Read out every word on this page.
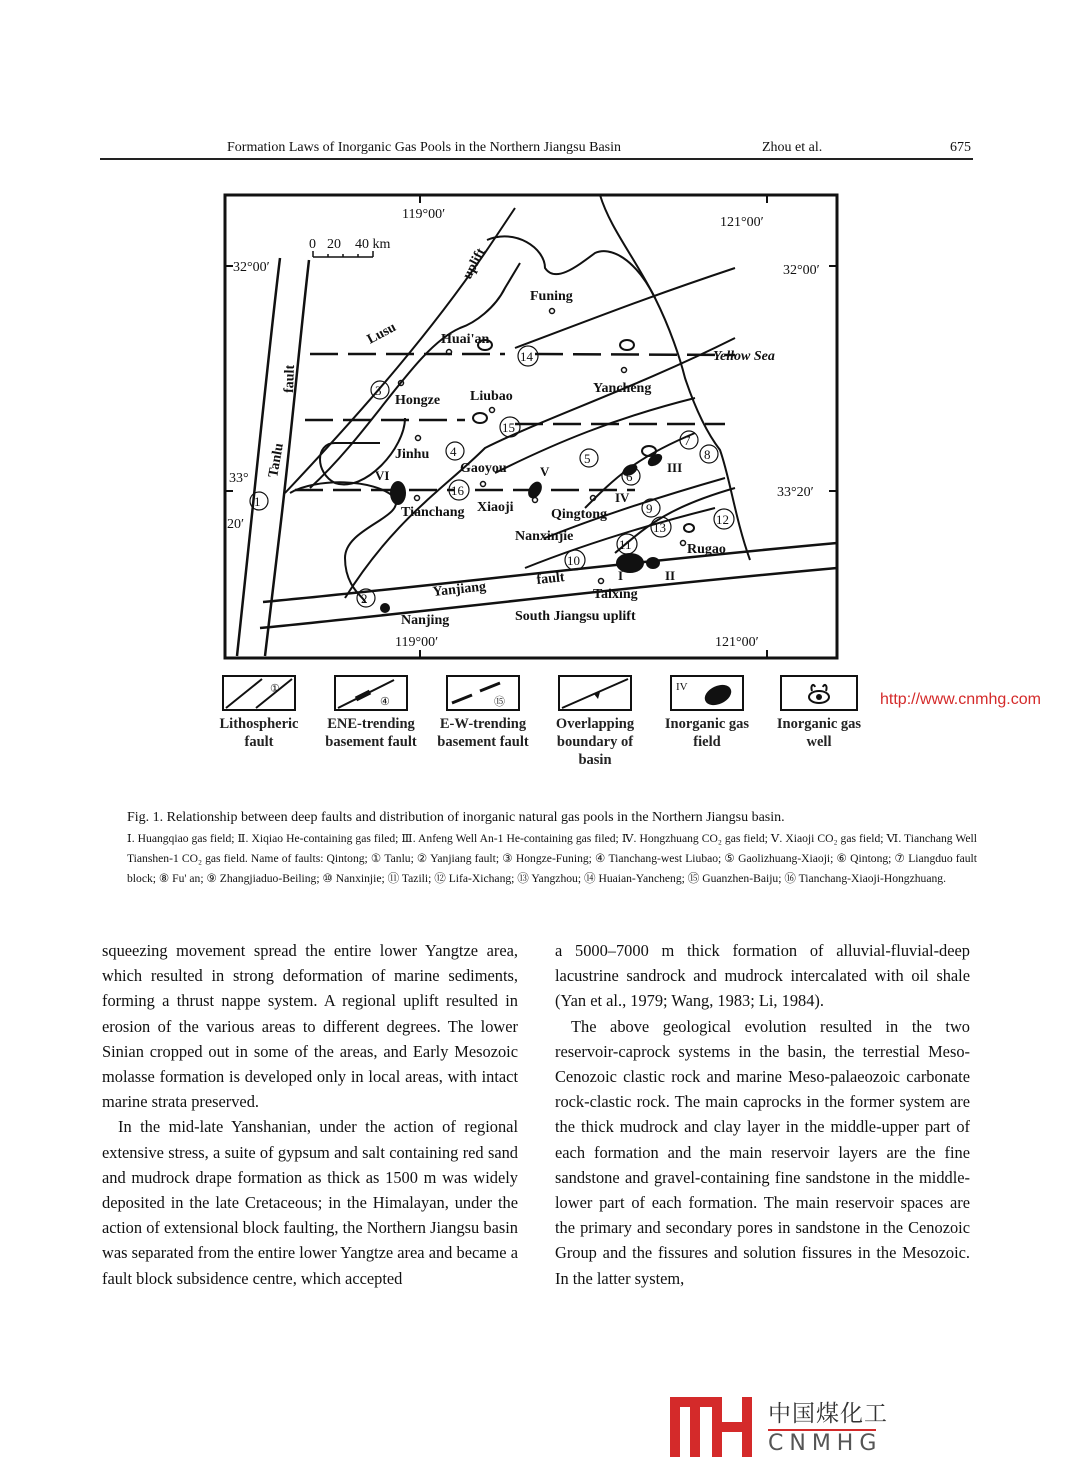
Formation Laws of Inorganic Gas Pools in the Northern Jiangsu Basin	Zhou et al.	675
119°00′
121°00′
32°00′	32°00′
33°
20′
33°20′
119°00′	121°00′
0 20 40 km
Funing
Huai'an
Hongze Liubao
Yancheng
Jinhu
Gaoyou
Tianchang Xiaoji	Qingtong
Nanxinjie
Rugao
Taixing
Nanjing
Yellow Sea
South Jiangsu uplift
uplift
Lusu
Tanlu
fault
Yanjiang
fault
1
2
3
4	5
6
7
8
9
10
11
12
13
14
15
16
I	II
III
IV
V
VI
①
Lithospheric fault
④
ENE-trending basement fault
⑮
E-W-trending basement fault
Overlapping boundary of basin
IV
Inorganic gas field
Inorganic gas well
Fig. 1. Relationship between deep faults and distribution of inorganic natural gas pools in the Northern Jiangsu basin.
Ⅰ. Huangqiao gas field; Ⅱ. Xiqiao He-containing gas filed; Ⅲ. Anfeng Well An-1 He-containing gas filed; Ⅳ. Hongzhuang CO₂ gas field; Ⅴ. Xiaoji CO₂ gas field; Ⅵ. Tianchang Well Tianshen-1 CO₂ gas field. Name of faults: Qintong; ① Tanlu; ② Yanjiang fault; ③ Hongze-Funing; ④ Tianchang-west Liubao; ⑤ Gaolizhuang-Xiaoji; ⑥ Qintong; ⑦ Liangduo fault block; ⑧ Fu' an; ⑨ Zhangjiaduo-Beiling; ⑩ Nanxinjie; ⑪ Tazili; ⑫ Lifa-Xichang; ⑬ Yangzhou; ⑭ Huaian-Yancheng; ⑮ Guanzhen-Baiju; ⑯ Tianchang-Xiaoji-Hongzhuang.

squeezing movement spread the entire lower Yangtze area, which resulted in strong deformation of marine sediments, forming a thrust nappe system. A regional uplift resulted in erosion of the various areas to different degrees. The lower Sinian cropped out in some of the areas, and Early Mesozoic molasse formation is developed only in local areas, with intact marine strata preserved.

In the mid-late Yanshanian, under the action of regional extensive stress, a suite of gypsum and salt containing red sand and mudrock drape formation as thick as 1500 m was widely deposited in the late Cretaceous; in the Himalayan, under the action of extensional block faulting, the Northern Jiangsu basin was separated from the entire lower Yangtze area and became a fault block subsidence centre, which accepted

a 5000–7000 m thick formation of alluvial-fluvial-deep lacustrine sandrock and mudrock intercalated with oil shale (Yan et al., 1979; Wang, 1983; Li, 1984).

The above geological evolution resulted in the two reservoir-caprock systems in the basin, the terrestial Meso-Cenozoic clastic rock and marine Meso-palaeozoic carbonate rock-clastic rock. The main caprocks in the former system are the thick mudrock and clay layer in the middle-upper part of each formation and the main reservoir layers are the fine sandstone and gravel-containing fine sandstone in the middle-lower part of each formation. The main reservoir spaces are the primary and secondary pores in sandstone in the Cenozoic Group and the fissures and solution fissures in the Mesozoic. In the latter system,

http://www.cnmhg.com
中国煤化工
CNMHG
